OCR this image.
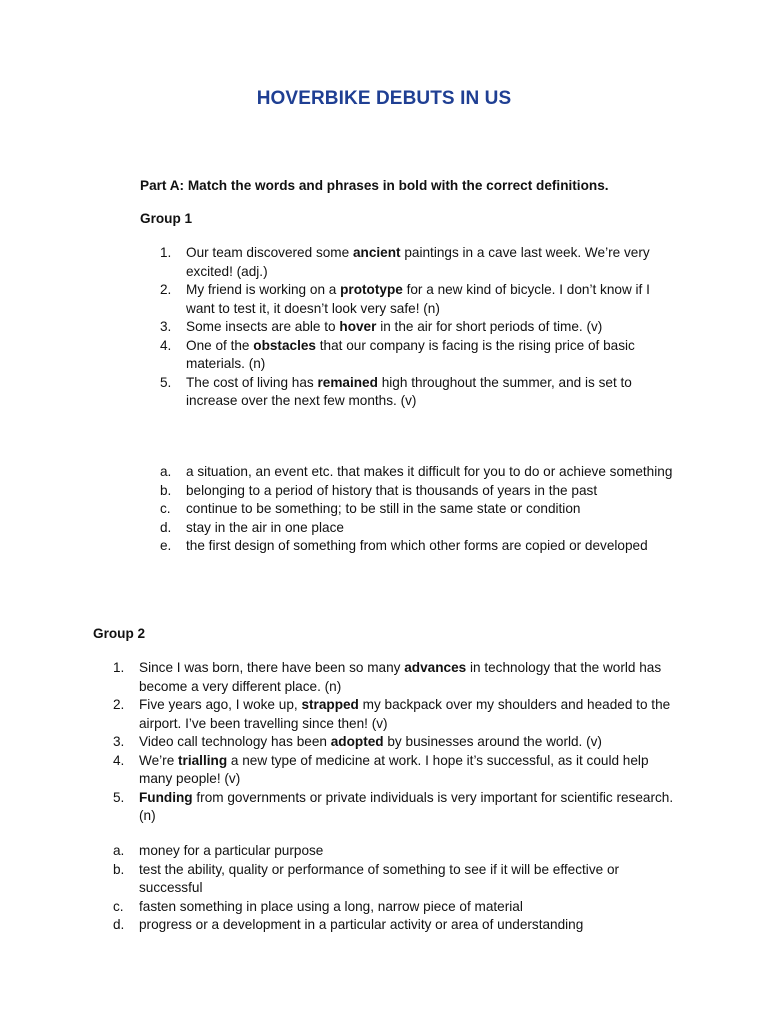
HOVERBIKE DEBUTS IN US
Part A: Match the words and phrases in bold with the correct definitions.
Group 1
1. Our team discovered some ancient paintings in a cave last week. We’re very excited! (adj.)
2. My friend is working on a prototype for a new kind of bicycle. I don’t know if I want to test it, it doesn’t look very safe! (n)
3. Some insects are able to hover in the air for short periods of time. (v)
4. One of the obstacles that our company is facing is the rising price of basic materials. (n)
5. The cost of living has remained high throughout the summer, and is set to increase over the next few months. (v)
a. a situation, an event etc. that makes it difficult for you to do or achieve something
b. belonging to a period of history that is thousands of years in the past
c. continue to be something; to be still in the same state or condition
d. stay in the air in one place
e. the first design of something from which other forms are copied or developed
Group 2
1. Since I was born, there have been so many advances in technology that the world has become a very different place. (n)
2. Five years ago, I woke up, strapped my backpack over my shoulders and headed to the airport. I’ve been travelling since then! (v)
3. Video call technology has been adopted by businesses around the world. (v)
4. We’re trialling a new type of medicine at work. I hope it’s successful, as it could help many people! (v)
5. Funding from governments or private individuals is very important for scientific research. (n)
a. money for a particular purpose
b. test the ability, quality or performance of something to see if it will be effective or successful
c. fasten something in place using a long, narrow piece of material
d. progress or a development in a particular activity or area of understanding
